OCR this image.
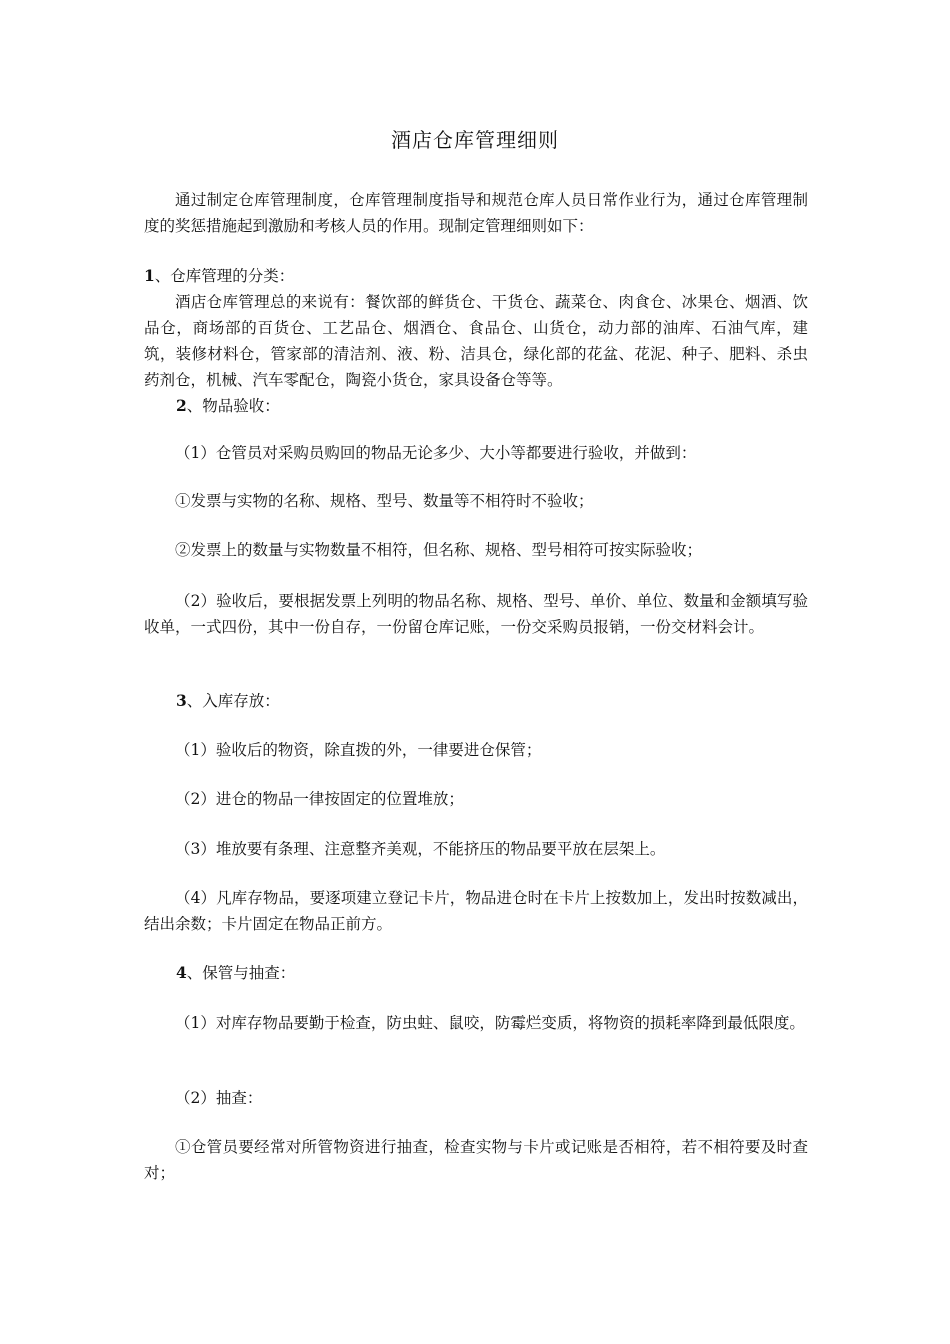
酒店仓库管理细则
通过制定仓库管理制度，仓库管理制度指导和规范仓库人员日常作业行为，通过仓库管理制度的奖惩措施起到激励和考核人员的作用。现制定管理细则如下：
1、仓库管理的分类：
酒店仓库管理总的来说有：餐饮部的鲜货仓、干货仓、蔬菜仓、肉食仓、冰果仓、烟酒、饮品仓，商场部的百货仓、工艺品仓、烟酒仓、食品仓、山货仓，动力部的油库、石油气库，建筑，装修材料仓，管家部的清洁剂、液、粉、洁具仓，绿化部的花盆、花泥、种子、肥料、杀虫药剂仓，机械、汽车零配仓，陶瓷小货仓，家具设备仓等等。
2、物品验收：
（1）仓管员对采购员购回的物品无论多少、大小等都要进行验收，并做到：
①发票与实物的名称、规格、型号、数量等不相符时不验收；
②发票上的数量与实物数量不相符，但名称、规格、型号相符可按实际验收；
（2）验收后，要根据发票上列明的物品名称、规格、型号、单价、单位、数量和金额填写验收单，一式四份，其中一份自存，一份留仓库记账，一份交采购员报销，一份交材料会计。
3、入库存放：
（1）验收后的物资，除直拨的外，一律要进仓保管；
（2）进仓的物品一律按固定的位置堆放；
（3）堆放要有条理、注意整齐美观，不能挤压的物品要平放在层架上。
（4）凡库存物品，要逐项建立登记卡片，物品进仓时在卡片上按数加上，发出时按数减出，结出余数；卡片固定在物品正前方。
4、保管与抽查：
（1）对库存物品要勤于检查，防虫蛀、鼠咬，防霉烂变质，将物资的损耗率降到最低限度。
（2）抽查：
①仓管员要经常对所管物资进行抽查，检查实物与卡片或记账是否相符，若不相符要及时查对；
